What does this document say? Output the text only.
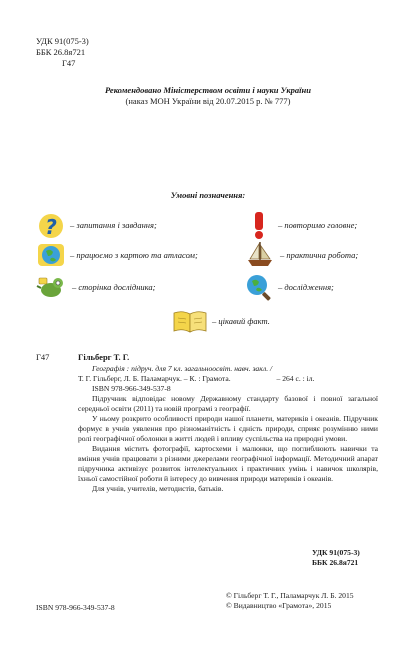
УДК 91(075-3)
ББК 26.8я721
Г47
Рекомендовано Міністерством освіти і науки України
(наказ МОН України від 20.07.2015 р. № 777)
Умовні позначення:
? – запитання і завдання;	– повторимо головне;
– працюємо з картою та атласом;	– практична робота;
– сторінка дослідника;	– дослідження;
– цікавий факт.
Г47	Гільберг Т. Г.
Географія : підруч. для 7 кл. загальноосвіт. навч. закл. /
Т. Г. Гільберг, Л. Б. Паламарчук. – К. : Грамота.	– 264 с. : іл.
ISBN 978-966-349-537-8

Підручник відповідає новому Державному стандарту базової і повної загальної середньої освіти (2011) та новій програмі з географії.

У ньому розкрито особливості природи нашої планети, материків і океанів. Підручник формує в учнів уявлення про різноманітність і єдність природи, сприяє розумінню ними ролі географічної оболонки в житті людей і впливу суспільства на природні умови.

Видання містить фотографії, картосхеми і малюнки, що поглиблюють навички та вміння учнів працювати з різними джерелами географічної інформації. Методичний апарат підручника активізує розвиток інтелектуальних і практичних умінь і навичок школярів, їхньої самостійної роботи й інтересу до вивчення природи материків і океанів.

Для учнів, учителів, методистів, батьків.

УДК 91(075-3)
ББК 26.8я721
ISBN 978-966-349-537-8
© Гільберг Т. Г., Паламарчук Л. Б. 2015
© Видавництво «Грамота», 2015
